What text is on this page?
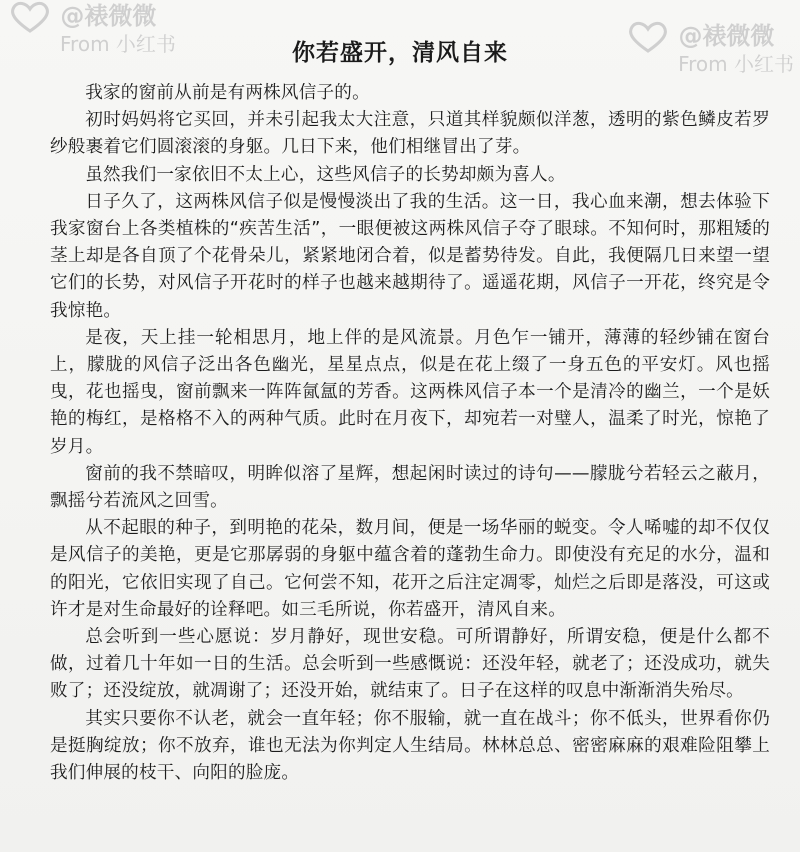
@裱微微
From 小红书	@裱微微
From 小红书
你若盛开，清风自来

我家的窗前从前是有两株风信子的。

初时妈妈将它买回，并未引起我太大注意，只道其样貌颇似洋葱，透明的紫色鳞皮若罗纱般裹着它们圆滚滚的身躯。几日下来，他们相继冒出了芽。

虽然我们一家依旧不太上心，这些风信子的长势却颇为喜人。

日子久了，这两株风信子似是慢慢淡出了我的生活。这一日，我心血来潮，想去体验下我家窗台上各类植株的“疾苦生活”，一眼便被这两株风信子夺了眼球。不知何时，那粗矮的茎上却是各自顶了个花骨朵儿，紧紧地闭合着，似是蓄势待发。自此，我便隔几日来望一望它们的长势，对风信子开花时的样子也越来越期待了。遥遥花期，风信子一开花，终究是令我惊艳。

是夜，天上挂一轮相思月，地上伴的是风流景。月色乍一铺开，薄薄的轻纱铺在窗台上，朦胧的风信子泛出各色幽光，星星点点，似是在花上缀了一身五色的平安灯。风也摇曳，花也摇曳，窗前飘来一阵阵氤氲的芳香。这两株风信子本一个是清冷的幽兰，一个是妖艳的梅红，是格格不入的两种气质。此时在月夜下，却宛若一对璧人，温柔了时光，惊艳了岁月。

窗前的我不禁暗叹，明眸似溶了星辉，想起闲时读过的诗句——朦胧兮若轻云之蔽月，飘摇兮若流风之回雪。

从不起眼的种子，到明艳的花朵，数月间，便是一场华丽的蜕变。令人唏嘘的却不仅仅是风信子的美艳，更是它那孱弱的身躯中蕴含着的蓬勃生命力。即使没有充足的水分，温和的阳光，它依旧实现了自己。它何尝不知，花开之后注定凋零，灿烂之后即是落没，可这或许才是对生命最好的诠释吧。如三毛所说，你若盛开，清风自来。

总会听到一些心愿说：岁月静好，现世安稳。可所谓静好，所谓安稳，便是什么都不做，过着几十年如一日的生活。总会听到一些感慨说：还没年轻，就老了；还没成功，就失败了；还没绽放，就凋谢了；还没开始，就结束了。日子在这样的叹息中渐渐消失殆尽。

其实只要你不认老，就会一直年轻；你不服输，就一直在战斗；你不低头，世界看你仍是挺胸绽放；你不放弃，谁也无法为你判定人生结局。林林总总、密密麻麻的艰难险阻攀上我们伸展的枝干、向阳的脸庞。
